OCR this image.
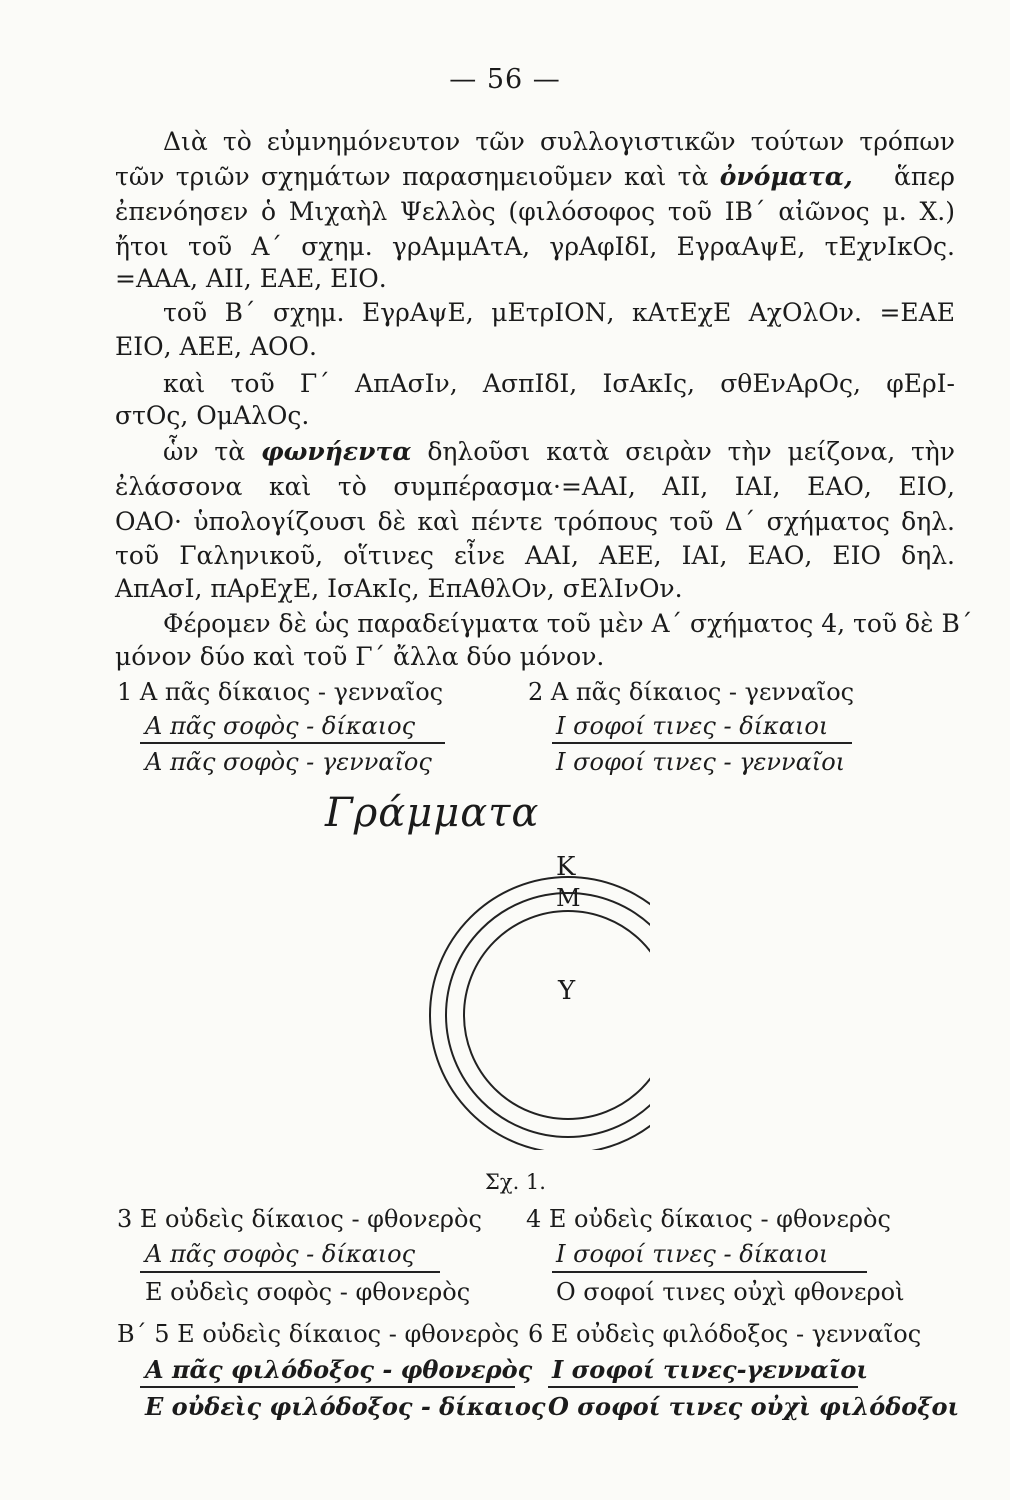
— 56 —
Διὰ τὸ εὐμνημόνευτον τῶν συλλογιστικῶν τούτων τρόπων
τῶν τριῶν σχημάτων παρασημειοῦμεν καὶ τὰ ὀνόματα, ἅπερ
ἐπενόησεν ὁ Μιχαὴλ Ψελλὸς (φιλόσοφος τοῦ ΙΒ΄ αἰῶνος μ. Χ.)
ἤτοι τοῦ Α΄ σχημ. γρΑμμΑτΑ, γρΑφΙδΙ, ΕγραΑψΕ, τΕχνΙκΟς.
=ΑΑΑ, ΑΙΙ, ΕΑΕ, ΕΙΟ.
τοῦ Β΄ σχημ. ΕγρΑψΕ, μΕτρΙΟΝ, κΑτΕχΕ ΑχΟλΟν. =ΕΑΕ
ΕΙΟ, ΑΕΕ, ΑΟΟ.
καὶ τοῦ Γ΄ ΑπΑσΙν, ΑσπΙδΙ, ΙσΑκΙς, σθΕνΑρΟς, φΕρΙ-
στΟς, ΟμΑλΟς.
ὧν τὰ φωνήεντα δηλοῦσι κατὰ σειρὰν τὴν μείζονα, τὴν
ἐλάσσονα καὶ τὸ συμπέρασμα·=ΑΑΙ, ΑΙΙ, ΙΑΙ, ΕΑΟ, ΕΙΟ,
ΟΑΟ· ὑπολογίζουσι δὲ καὶ πέντε τρόπους τοῦ Δ΄ σχήματος δηλ.
τοῦ Γαληνικοῦ, οἵτινες εἶνε ΑΑΙ, ΑΕΕ, ΙΑΙ, ΕΑΟ, ΕΙΟ δηλ.
ΑπΑσΙ, πΑρΕχΕ, ΙσΑκΙς, ΕπΑθλΟν, σΕλΙνΟν.
Φέρομεν δὲ ὡς παραδείγματα τοῦ μὲν Α΄ σχήματος 4, τοῦ δὲ Β΄
μόνον δύο καὶ τοῦ Γ΄ ἄλλα δύο μόνον.
1 Α πᾶς δίκαιος - γενναῖος
Α πᾶς σοφὸς - δίκαιος
Α πᾶς σοφὸς - γενναῖος
2 Α πᾶς δίκαιος - γενναῖος
Ι σοφοί τινες - δίκαιοι
Ι σοφοί τινες - γενναῖοι
Γράμματα
Κ
Μ
Υ
Σχ. 1.
3 Ε οὐδεὶς δίκαιος - φθονερὸς
Α πᾶς σοφὸς - δίκαιος
Ε οὐδεὶς σοφὸς - φθονερὸς
4 Ε οὐδεὶς δίκαιος - φθονερὸς
Ι σοφοί τινες - δίκαιοι
Ο σοφοί τινες οὐχὶ φθονεροὶ
Β΄ 5 Ε οὐδεὶς δίκαιος - φθονερὸς
Α πᾶς φιλόδοξος - φθονερὸς
Ε οὐδεὶς φιλόδοξος - δίκαιος
6 Ε οὐδεὶς φιλόδοξος - γενναῖος
Ι σοφοί τινες-γενναῖοι
Ο σοφοί τινες οὐχὶ φιλόδοξοι
